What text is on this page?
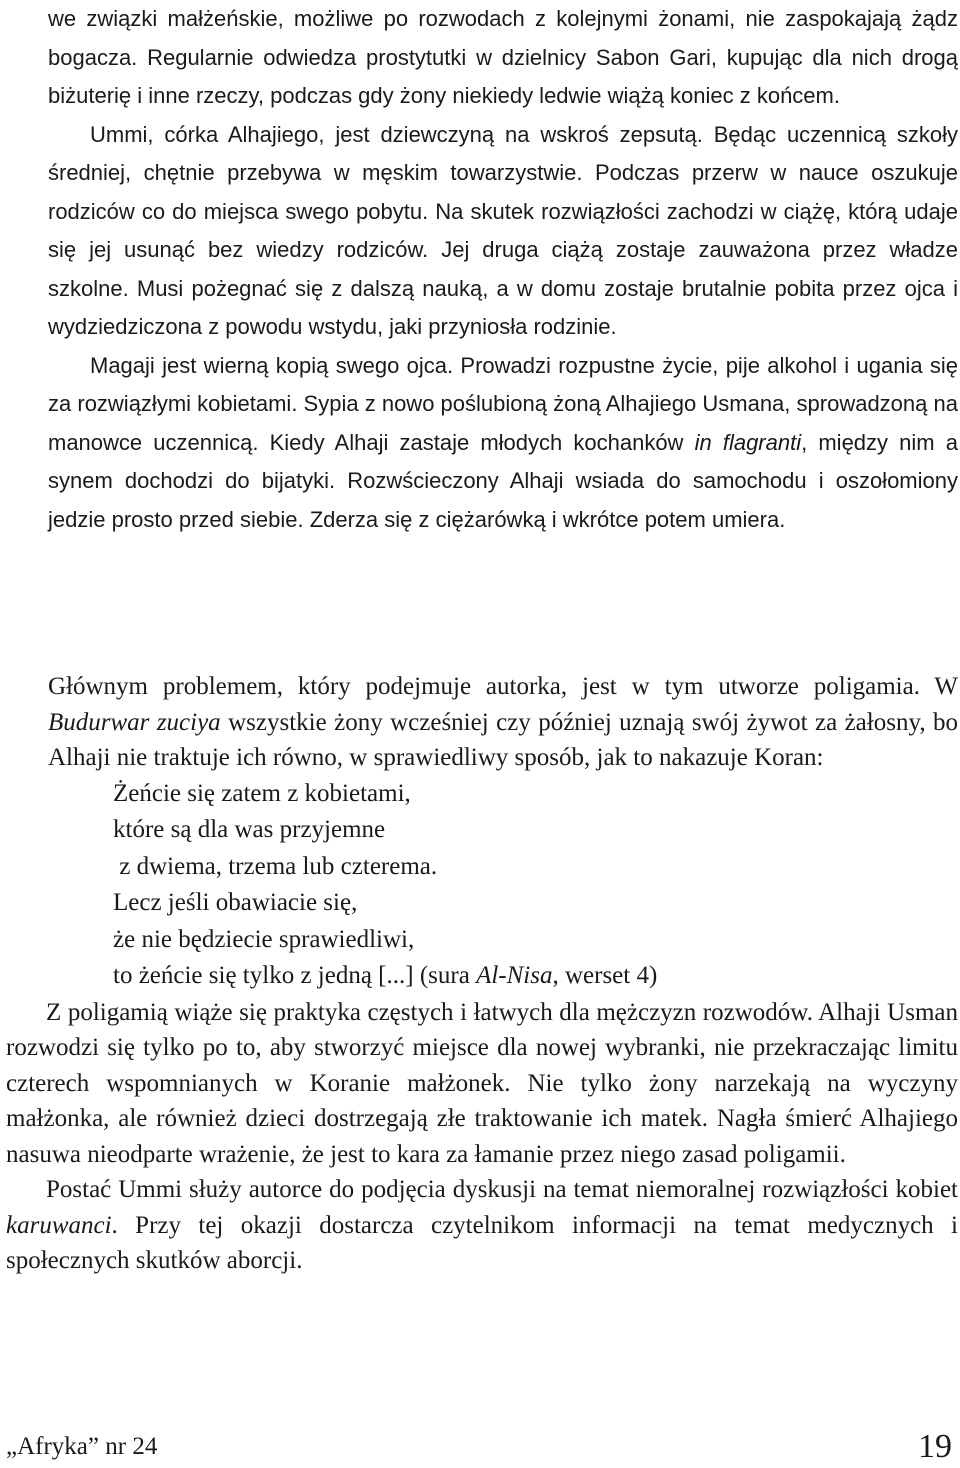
we związki małżeńskie, możliwe po rozwodach z kolejnymi żonami, nie zaspokajają żądz bogacza. Regularnie odwiedza prostytutki w dzielnicy Sabon Gari, kupując dla nich drogą biżuterię i inne rzeczy, podczas gdy żony niekiedy ledwie wiążą koniec z końcem.

Ummi, córka Alhajiego, jest dziewczyną na wskroś zepsutą. Będąc uczennicą szkoły średniej, chętnie przebywa w męskim towarzystwie. Podczas przerw w nauce oszukuje rodziców co do miejsca swego pobytu. Na skutek rozwiązłości zachodzi w ciążę, którą udaje się jej usunąć bez wiedzy rodziców. Jej druga ciążą zostaje zauważona przez władze szkolne. Musi pożegnać się z dalszą nauką, a w domu zostaje brutalnie pobita przez ojca i wydziedziczona z powodu wstydu, jaki przyniosła rodzinie.

Magaji jest wierną kopią swego ojca. Prowadzi rozpustne życie, pije alkohol i ugania się za rozwiązłymi kobietami. Sypia z nowo poślubioną żoną Alhajiego Usmana, sprowadzoną na manowce uczennicą. Kiedy Alhaji zastaje młodych kochanków in flagranti, między nim a synem dochodzi do bijatyki. Rozwścieczony Alhaji wsiada do samochodu i oszołomiony jedzie prosto przed siebie. Zderza się z ciężarówką i wkrótce potem umiera.

Głównym problemem, który podejmuje autorka, jest w tym utworze poligamia. W Budurwar zuciya wszystkie żony wcześniej czy później uznają swój żywot za żałosny, bo Alhaji nie traktuje ich równo, w sprawiedliwy sposób, jak to nakazuje Koran:

Żeńcie się zatem z kobietami,
które są dla was przyjemne
z dwiema, trzema lub czterema.
Lecz jeśli obawiacie się,
że nie będziecie sprawiedliwi,
to żeńcie się tylko z jedną [...] (sura Al-Nisa, werset 4)

Z poligamią wiąże się praktyka częstych i łatwych dla mężczyzn rozwodów. Alhaji Usman rozwodzi się tylko po to, aby stworzyć miejsce dla nowej wybranki, nie przekraczając limitu czterech wspomnianych w Koranie małżonek. Nie tylko żony narzekają na wyczyny małżonka, ale również dzieci dostrzegają złe traktowanie ich matek. Nagła śmierć Alhajiego nasuwa nieodparte wrażenie, że jest to kara za łamanie przez niego zasad poligamii.

Postać Ummi służy autorce do podjęcia dyskusji na temat niemoralnej rozwiązłości kobiet karuwanci. Przy tej okazji dostarcza czytelnikom informacji na temat medycznych i społecznych skutków aborcji.

„Afryka” nr 24	19
